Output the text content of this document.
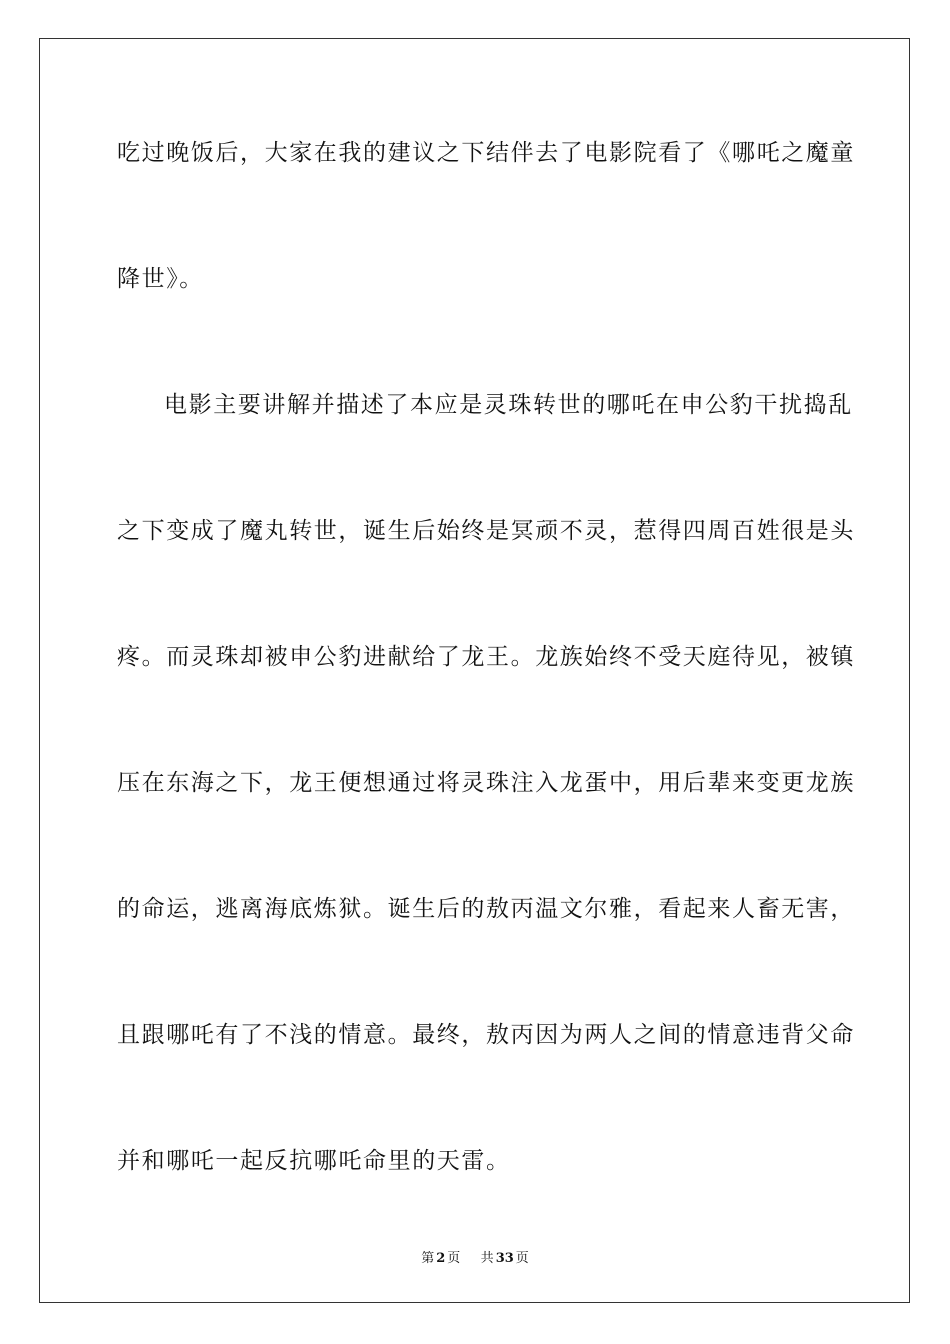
吃过晚饭后，大家在我的建议之下结伴去了电影院看了《哪吒之魔童

降世》。

电影主要讲解并描述了本应是灵珠转世的哪吒在申公豹干扰捣乱

之下变成了魔丸转世，诞生后始终是冥顽不灵，惹得四周百姓很是头

疼。而灵珠却被申公豹进献给了龙王。龙族始终不受天庭待见，被镇

压在东海之下，龙王便想通过将灵珠注入龙蛋中，用后辈来变更龙族

的命运，逃离海底炼狱。诞生后的敖丙温文尔雅，看起来人畜无害，

且跟哪吒有了不浅的情意。最终，敖丙因为两人之间的情意违背父命

并和哪吒一起反抗哪吒命里的天雷。

第 2 页 共 33 页
